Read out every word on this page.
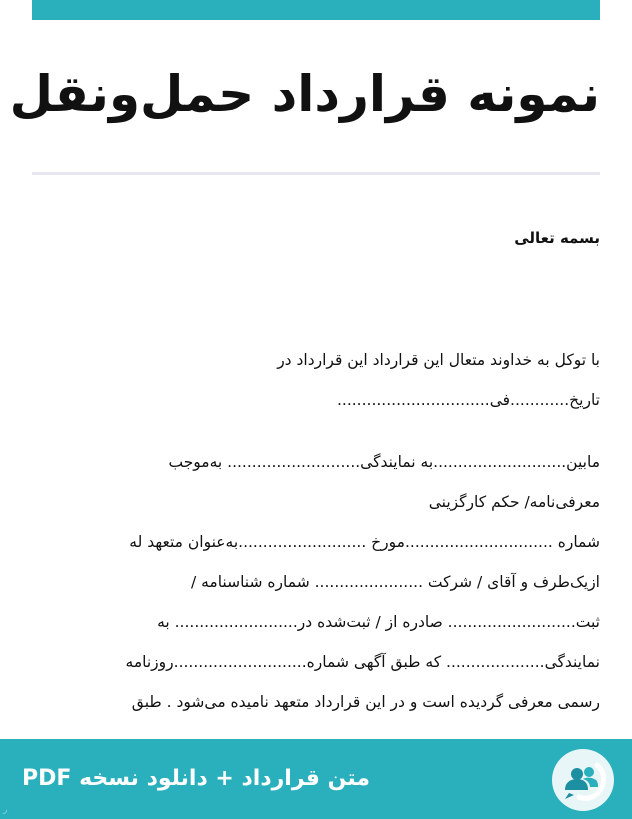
نمونه قرارداد حمل‌ونقل
بسمه تعالی
با توکل به خداوند متعال این قرارداد این قرارداد در
تاریخ............فی...............................
مابین...........................به نمایندگی........................... به‌موجب
معرفی‌نامه/ حکم کارگزینی
شماره ..............................مورخ ..........................به‌عنوان متعهد له
ازیک‌طرف و آقای / شرکت ...................... شماره شناسنامه /
ثبت.......................... صادره از / ثبت‌شده در......................... به
نمایندگی.................... که طبق آگهی شماره...........................روزنامه
رسمی معرفی گردیده است و در این قرارداد متعهد نامیده می‌شود . طبق
متن قرارداد + دانلود نسخه PDF
ر
